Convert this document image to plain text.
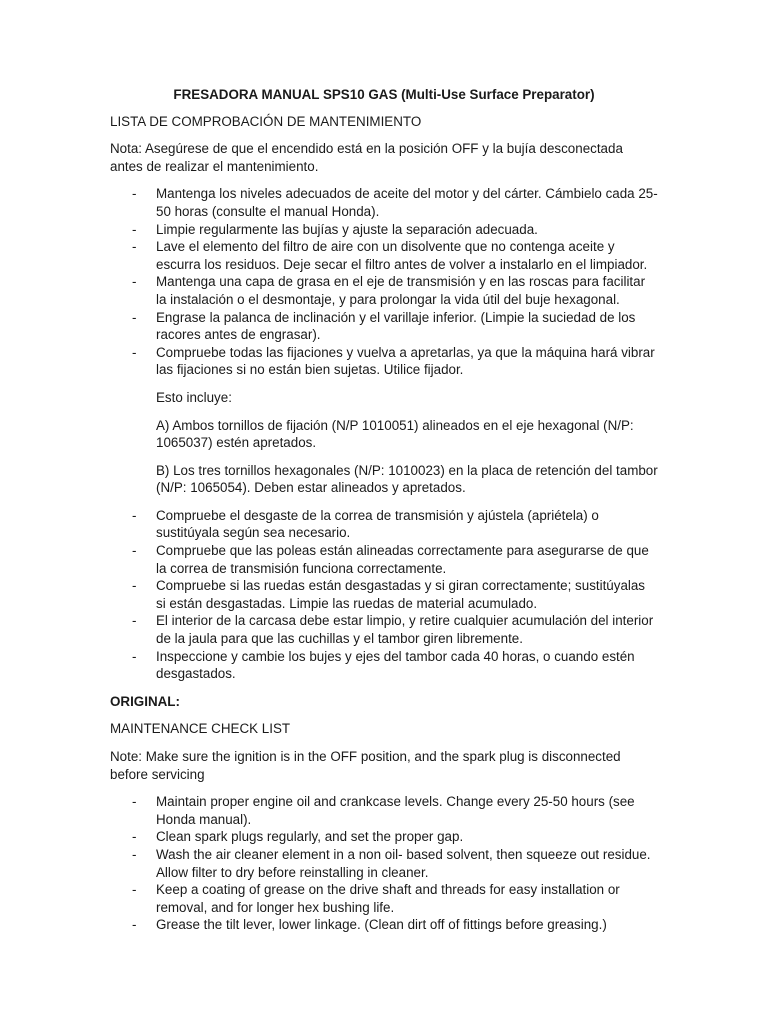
FRESADORA MANUAL SPS10 GAS (Multi-Use Surface Preparator)
LISTA DE COMPROBACIÓN DE MANTENIMIENTO
Nota: Asegúrese de que el encendido está en la posición OFF y la bujía desconectada antes de realizar el mantenimiento.
- Mantenga los niveles adecuados de aceite del motor y del cárter. Cámbielo cada 25-50 horas (consulte el manual Honda).
- Limpie regularmente las bujías y ajuste la separación adecuada.
- Lave el elemento del filtro de aire con un disolvente que no contenga aceite y escurra los residuos. Deje secar el filtro antes de volver a instalarlo en el limpiador.
- Mantenga una capa de grasa en el eje de transmisión y en las roscas para facilitar la instalación o el desmontaje, y para prolongar la vida útil del buje hexagonal.
- Engrase la palanca de inclinación y el varillaje inferior. (Limpie la suciedad de los racores antes de engrasar).
- Compruebe todas las fijaciones y vuelva a apretarlas, ya que la máquina hará vibrar las fijaciones si no están bien sujetas. Utilice fijador.
Esto incluye:
A) Ambos tornillos de fijación (N/P 1010051) alineados en el eje hexagonal (N/P: 1065037) estén apretados.
B) Los tres tornillos hexagonales (N/P: 1010023) en la placa de retención del tambor (N/P: 1065054). Deben estar alineados y apretados.
- Compruebe el desgaste de la correa de transmisión y ajústela (apriétela) o sustitúyala según sea necesario.
- Compruebe que las poleas están alineadas correctamente para asegurarse de que la correa de transmisión funciona correctamente.
- Compruebe si las ruedas están desgastadas y si giran correctamente; sustitúyalas si están desgastadas. Limpie las ruedas de material acumulado.
- El interior de la carcasa debe estar limpio, y retire cualquier acumulación del interior de la jaula para que las cuchillas y el tambor giren libremente.
- Inspeccione y cambie los bujes y ejes del tambor cada 40 horas, o cuando estén desgastados.
ORIGINAL:
MAINTENANCE CHECK LIST
Note: Make sure the ignition is in the OFF position, and the spark plug is disconnected before servicing
- Maintain proper engine oil and crankcase levels. Change every 25-50 hours (see Honda manual).
- Clean spark plugs regularly, and set the proper gap.
- Wash the air cleaner element in a non oil- based solvent, then squeeze out residue. Allow filter to dry before reinstalling in cleaner.
- Keep a coating of grease on the drive shaft and threads for easy installation or removal, and for longer hex bushing life.
- Grease the tilt lever, lower linkage. (Clean dirt off of fittings before greasing.)
